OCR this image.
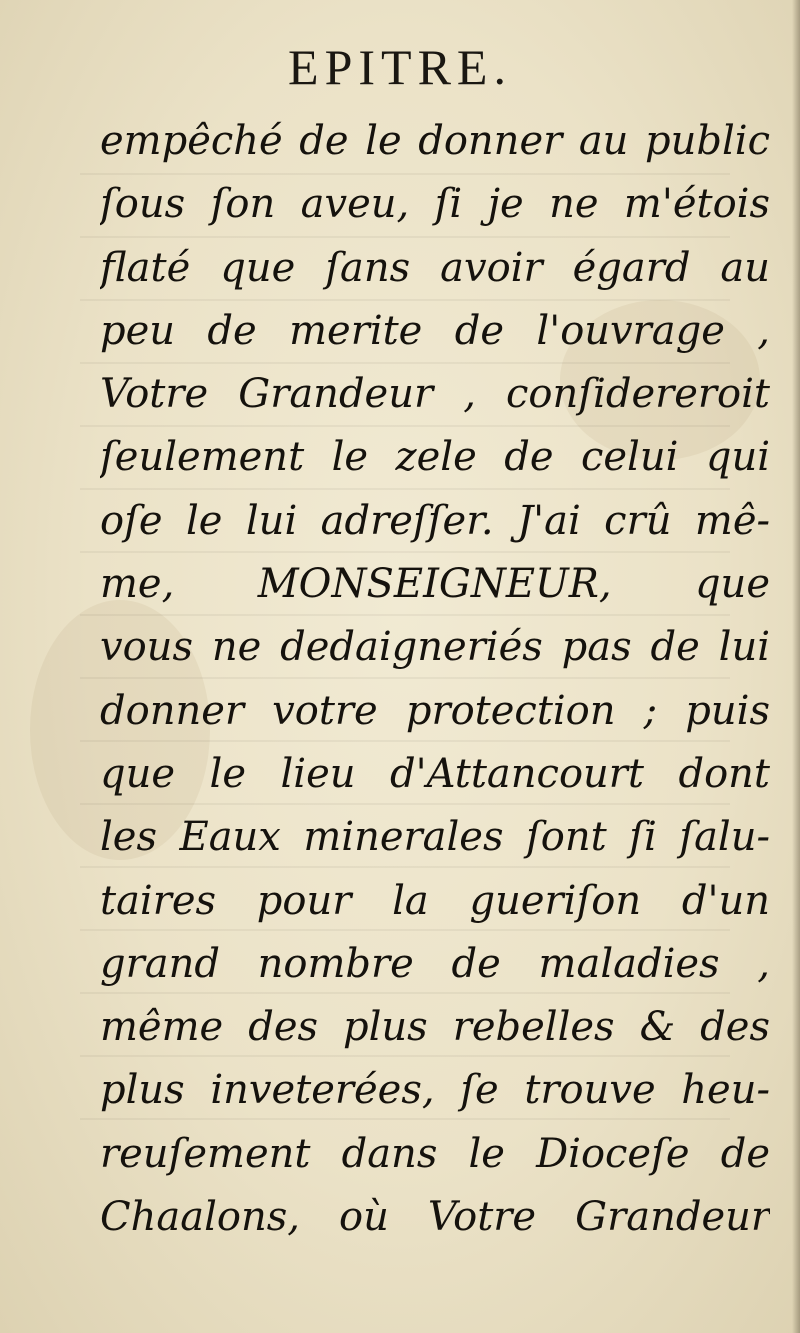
EPITRE.
empêché de le donner au public
ſous ſon aveu, ſi je ne m'étois
flaté que ſans avoir égard au
peu de merite de l'ouvrage ,
Votre Grandeur , conſidereroit
ſeulement le zele de celui qui
oſe le lui adreſſer. J'ai crû mê-
me, MONSEIGNEUR, que
vous ne dedaigneriés pas de lui
donner votre protection ; puis
que le lieu d'Attancourt dont
les Eaux minerales ſont ſi ſalu-
taires pour la gueriſon d'un
grand nombre de maladies ,
même des plus rebelles & des
plus inveterées, ſe trouve heu-
reuſement dans le Dioceſe de
Chaalons, où Votre Grandeur
